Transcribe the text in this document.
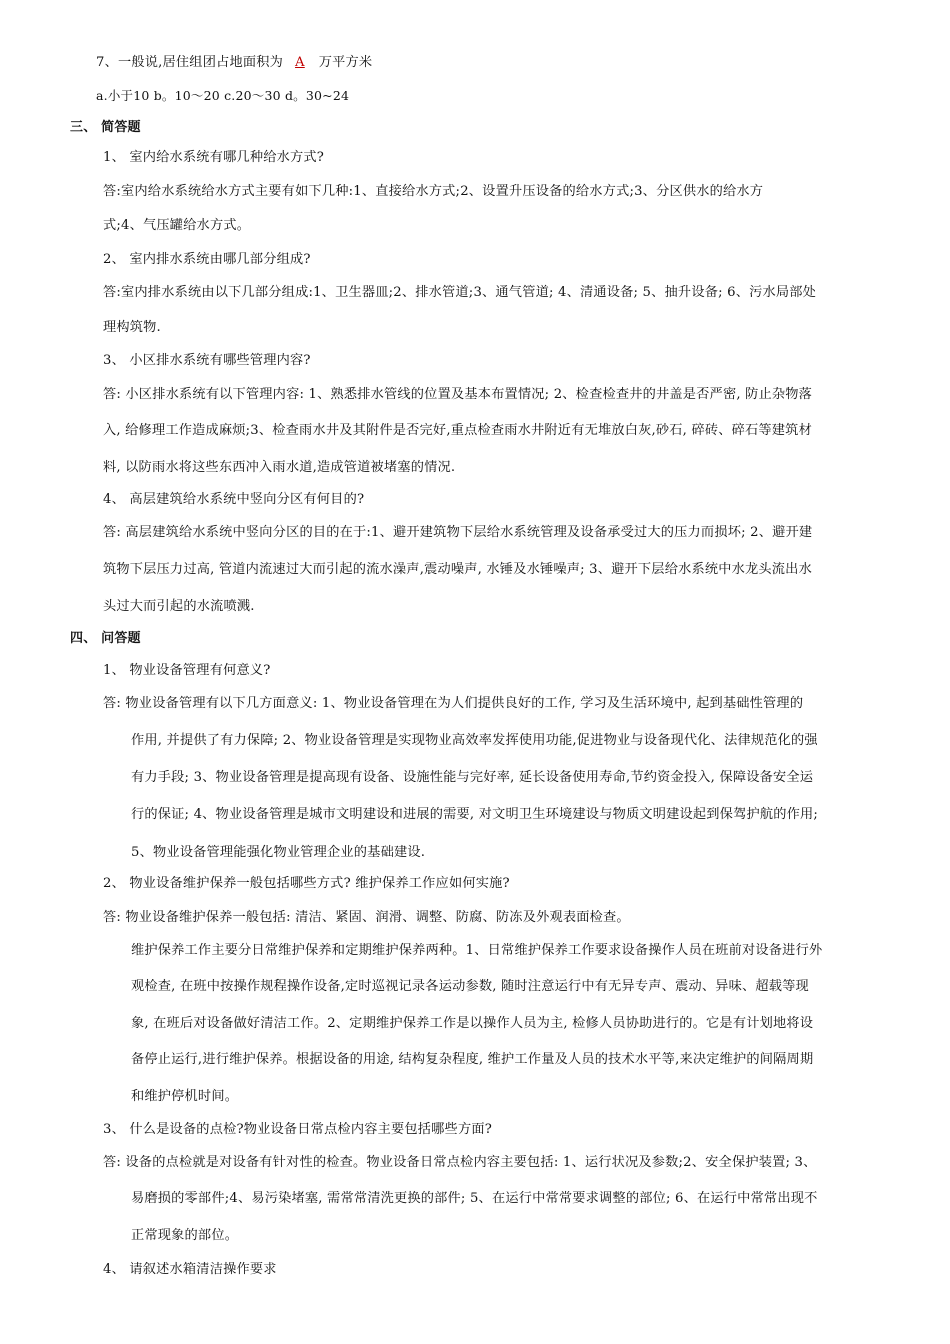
7、一般说,居住组团占地面积为 A 万平方米
a.小于10 b。10～20 c.20～30 d。30~24
三、 简答题
1、 室内给水系统有哪几种给水方式?
答:室内给水系统给水方式主要有如下几种:1、直接给水方式;2、设置升压设备的给水方式;3、分区供水的给水方
式;4、气压罐给水方式。
2、 室内排水系统由哪几部分组成?
答:室内排水系统由以下几部分组成:1、卫生器皿;2、排水管道;3、通气管道; 4、清通设备; 5、抽升设备; 6、污水局部处
理构筑物.
3、 小区排水系统有哪些管理内容?
答: 小区排水系统有以下管理内容: 1、熟悉排水管线的位置及基本布置情况; 2、检查检查井的井盖是否严密, 防止杂物落
入, 给修理工作造成麻烦;3、检查雨水井及其附件是否完好,重点检查雨水井附近有无堆放白灰,砂石, 碎砖、碎石等建筑材
料, 以防雨水将这些东西冲入雨水道,造成管道被堵塞的情况.
4、 高层建筑给水系统中竖向分区有何目的?
答: 高层建筑给水系统中竖向分区的目的在于:1、避开建筑物下层给水系统管理及设备承受过大的压力而损坏; 2、避开建
筑物下层压力过高, 管道内流速过大而引起的流水澡声,震动噪声, 水锤及水锤噪声; 3、避开下层给水系统中水龙头流出水
头过大而引起的水流喷溅.
四、 问答题
1、 物业设备管理有何意义?
答: 物业设备管理有以下几方面意义: 1、物业设备管理在为人们提供良好的工作, 学习及生活环境中, 起到基础性管理的
作用, 并提供了有力保障; 2、物业设备管理是实现物业高效率发挥使用功能,促进物业与设备现代化、法律规范化的强
有力手段; 3、物业设备管理是提高现有设备、设施性能与完好率, 延长设备使用寿命,节约资金投入, 保障设备安全运
行的保证; 4、物业设备管理是城市文明建设和进展的需要, 对文明卫生环境建设与物质文明建设起到保驾护航的作用;
5、物业设备管理能强化物业管理企业的基础建设.
2、 物业设备维护保养一般包括哪些方式? 维护保养工作应如何实施?
答: 物业设备维护保养一般包括: 清洁、紧固、润滑、调整、防腐、防冻及外观表面检查。
维护保养工作主要分日常维护保养和定期维护保养两种。1、日常维护保养工作要求设备操作人员在班前对设备进行外
观检查, 在班中按操作规程操作设备,定时巡视记录各运动参数, 随时注意运行中有无异专声、震动、异味、超载等现
象, 在班后对设备做好清洁工作。2、定期维护保养工作是以操作人员为主, 检修人员协助进行的。它是有计划地将设
备停止运行,进行维护保养。根据设备的用途, 结构复杂程度, 维护工作量及人员的技术水平等,来决定维护的间隔周期
和维护停机时间。
3、 什么是设备的点检?物业设备日常点检内容主要包括哪些方面?
答: 设备的点检就是对设备有针对性的检查。物业设备日常点检内容主要包括: 1、运行状况及参数;2、安全保护装置; 3、
易磨损的零部件;4、易污染堵塞, 需常常清洗更换的部件; 5、在运行中常常要求调整的部位; 6、在运行中常常出现不
正常现象的部位。
4、 请叙述水箱清洁操作要求
